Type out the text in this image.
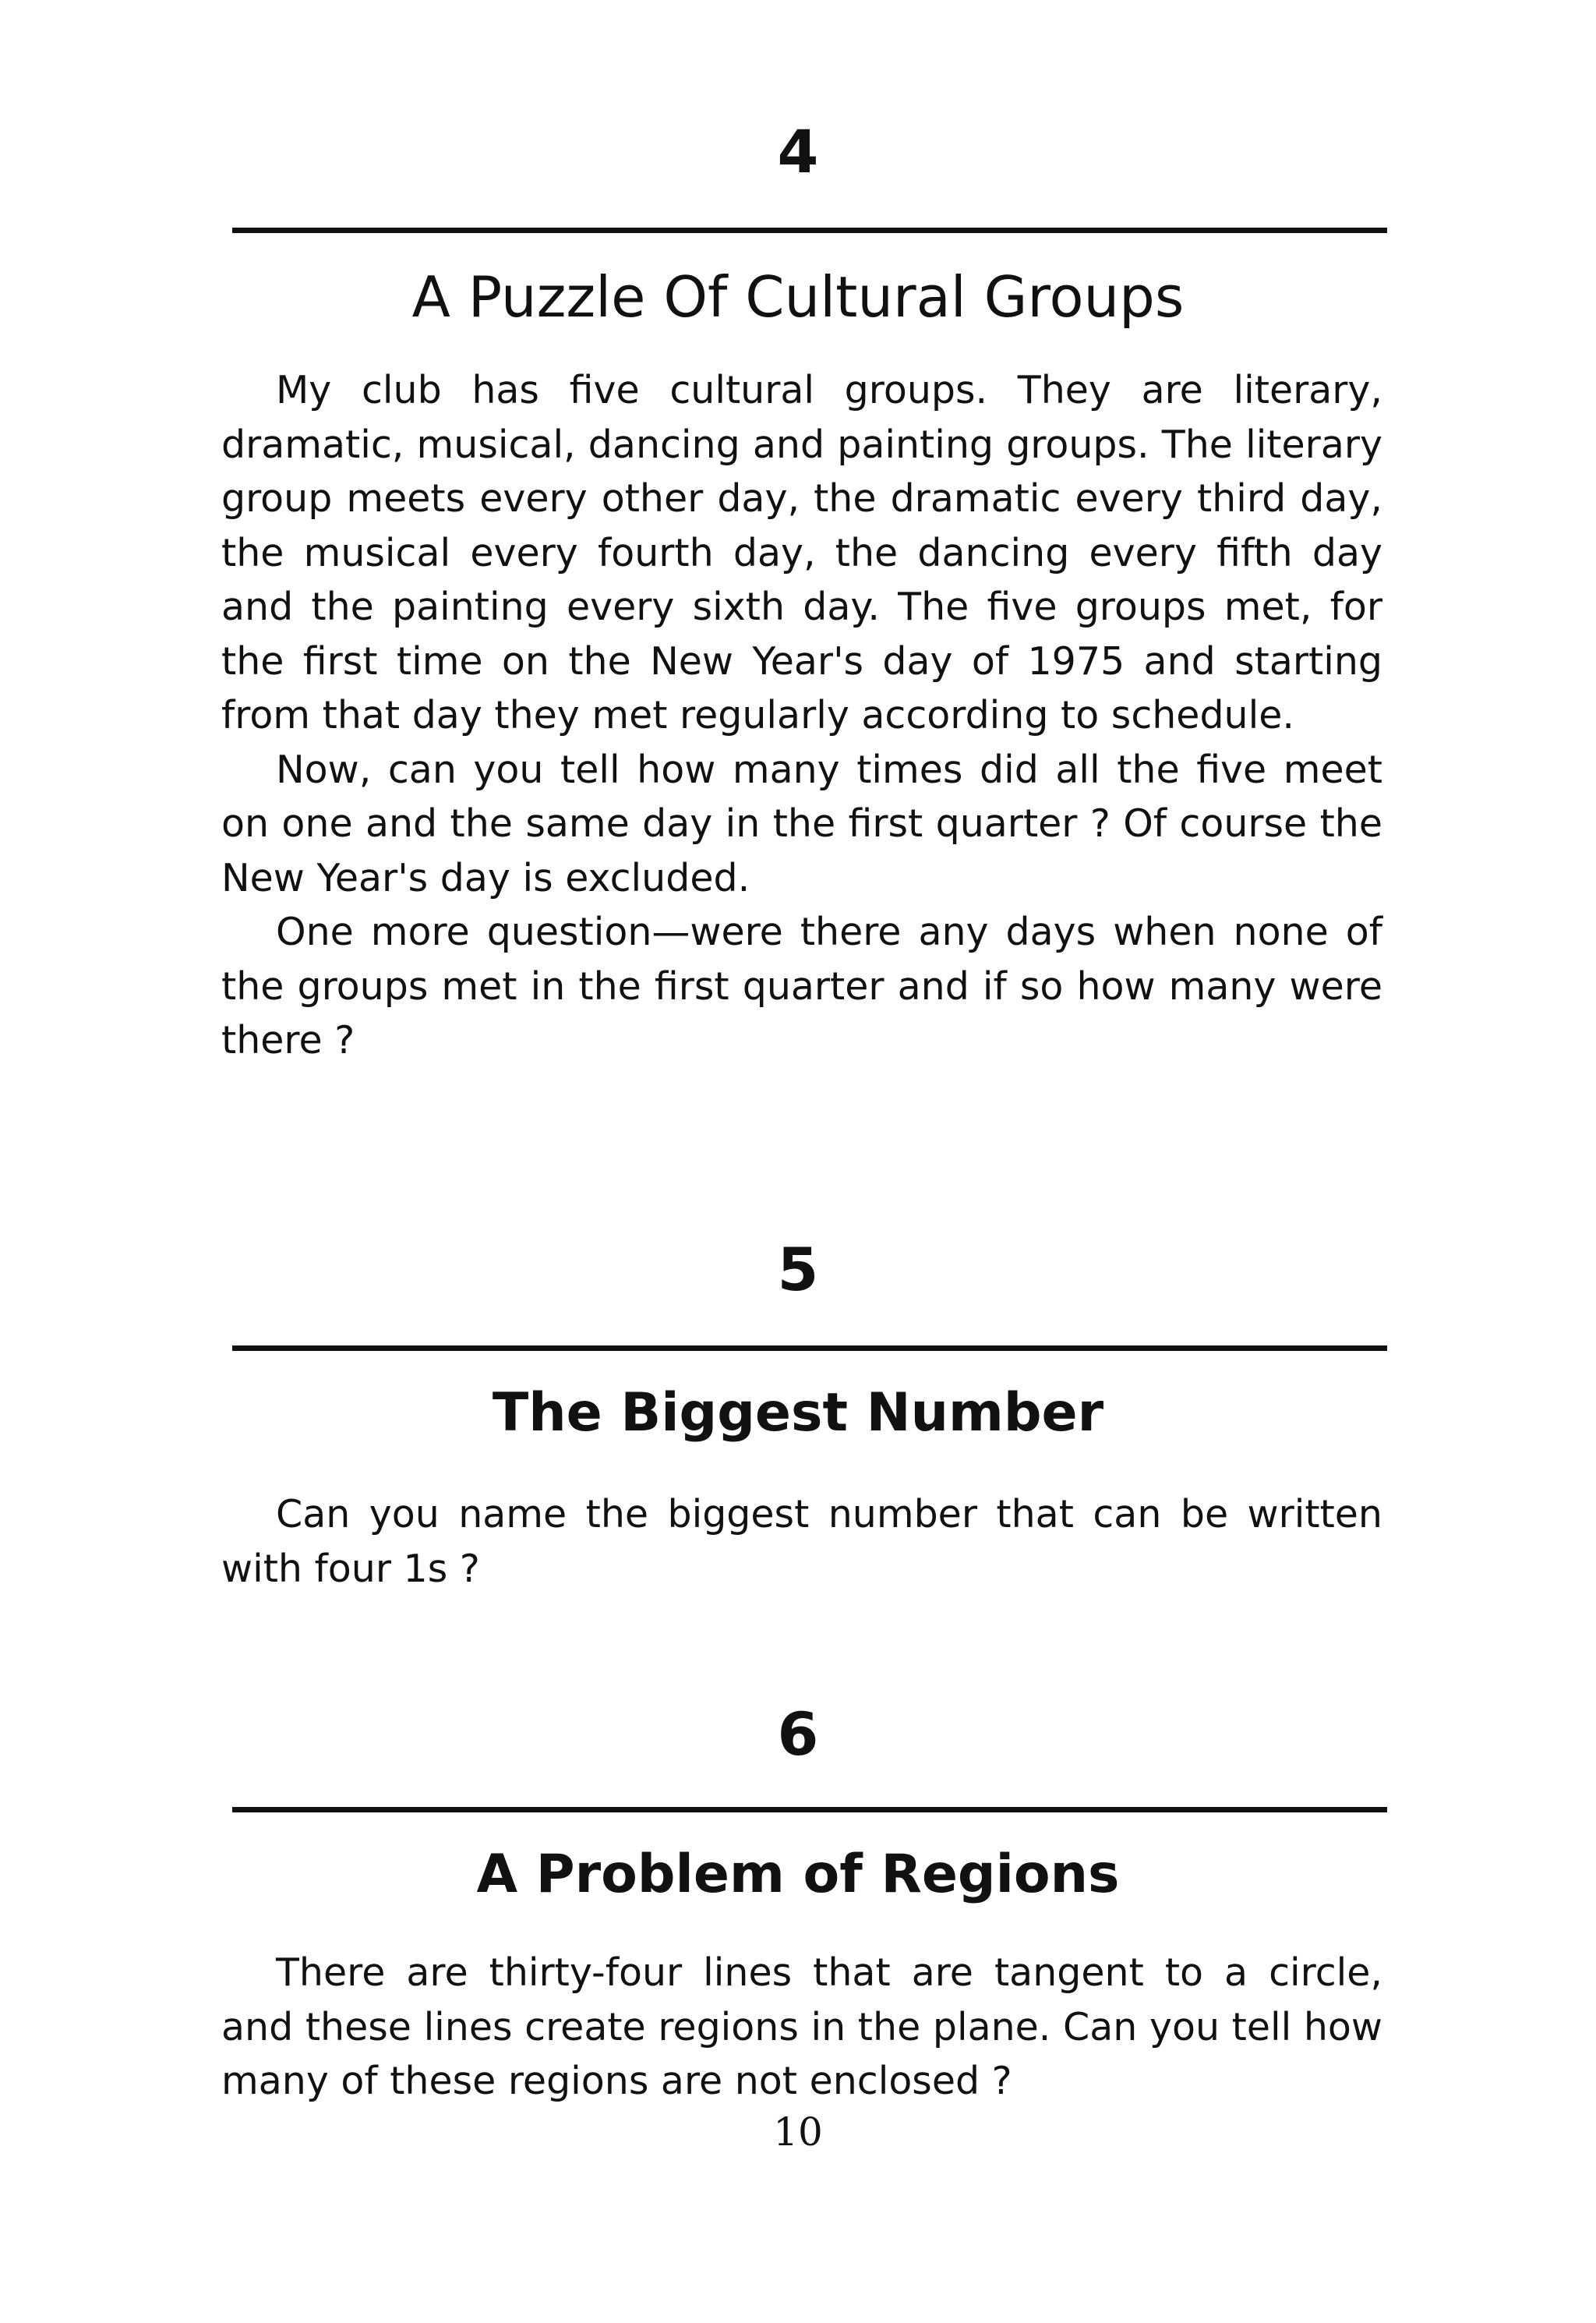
4
A Puzzle Of Cultural Groups

My club has five cultural groups. They are literary, dramatic, musical, dancing and painting groups. The literary group meets every other day, the dramatic every third day, the musical every fourth day, the dancing every fifth day and the painting every sixth day. The five groups met, for the first time on the New Year's day of 1975 and starting from that day they met regularly according to schedule.

Now, can you tell how many times did all the five meet on one and the same day in the first quarter ? Of course the New Year's day is excluded.

One more question—were there any days when none of the groups met in the first quarter and if so how many were there ?

5
The Biggest Number

Can you name the biggest number that can be written with four 1s ?

6
A Problem of Regions

There are thirty-four lines that are tangent to a circle, and these lines create regions in the plane. Can you tell how many of these regions are not enclosed ?

10
